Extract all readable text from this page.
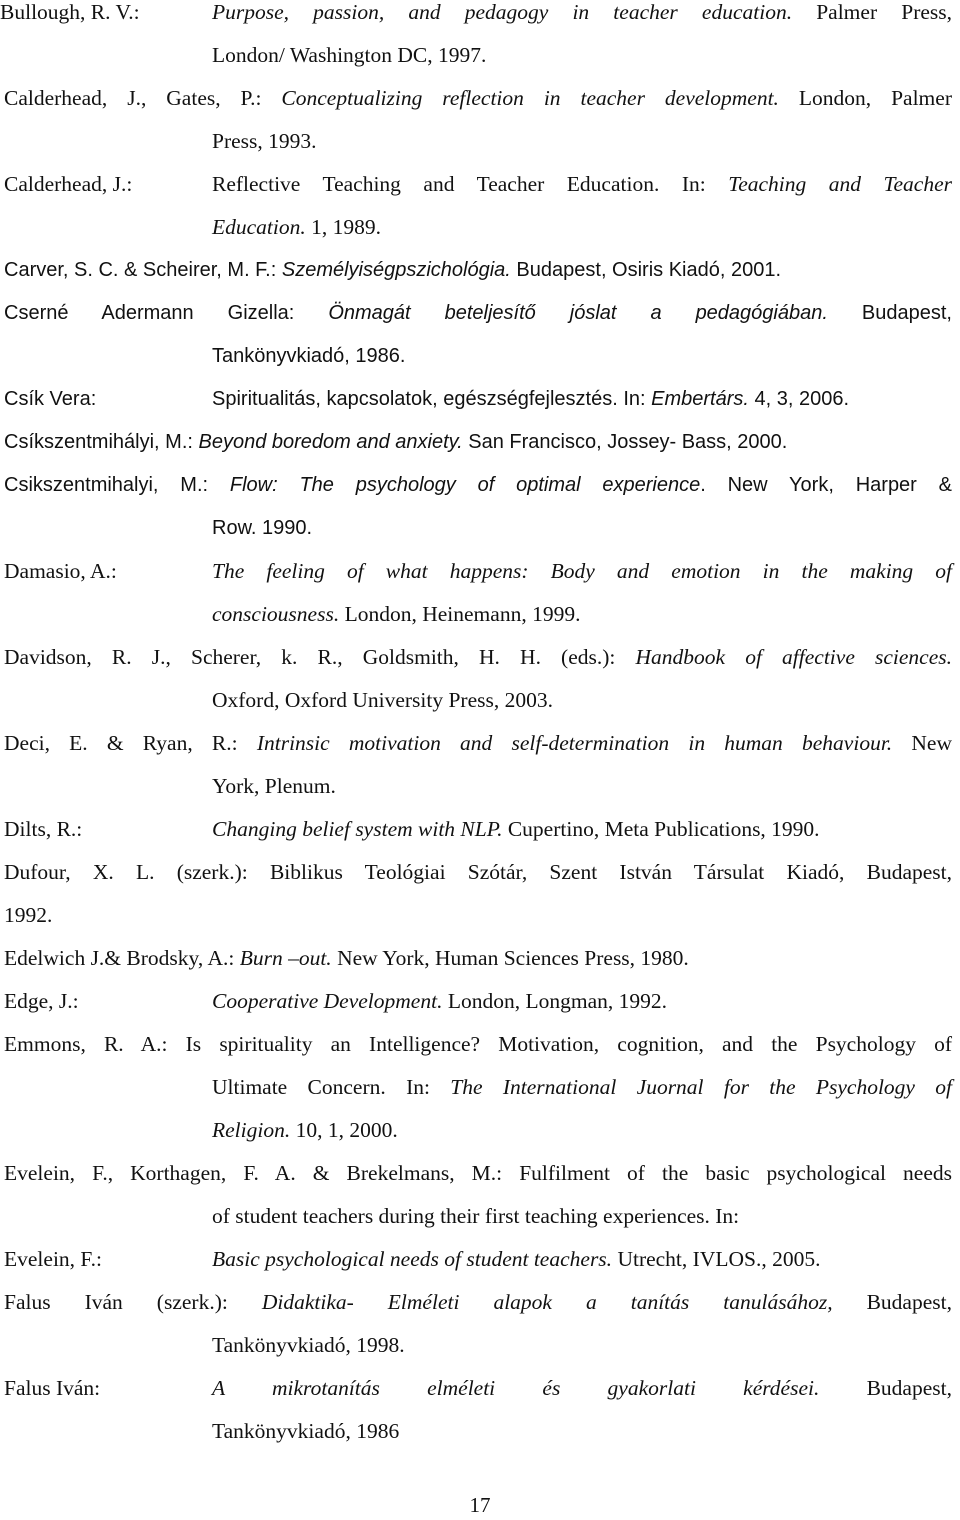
Bullough, R. V.:	Purpose, passion, and pedagogy in teacher education. Palmer Press,
London/ Washington DC, 1997.
Calderhead, J., Gates, P.: Conceptualizing reflection in teacher development. London, Palmer
Press, 1993.
Calderhead, J.:	Reflective Teaching and Teacher Education. In: Teaching and Teacher
Education. 1, 1989.
Carver, S. C. & Scheirer, M. F.: Személyiségpszichológia. Budapest, Osiris Kiadó, 2001.
Cserné Adermann Gizella: Önmagát beteljesítő jóslat a pedagógiában. Budapest,
Tankönyvkiadó, 1986.
Csík Vera:	Spiritualitás, kapcsolatok, egészségfejlesztés. In: Embertárs. 4, 3, 2006.
Csíkszentmihályi, M.: Beyond boredom and anxiety. San Francisco, Jossey- Bass, 2000.
Csikszentmihalyi, M.: Flow: The psychology of optimal experience. New York, Harper &
Row. 1990.
Damasio, A.:	The feeling of what happens: Body and emotion in the making of
consciousness. London, Heinemann, 1999.
Davidson, R. J., Scherer, k. R., Goldsmith, H. H. (eds.): Handbook of affective sciences.
Oxford, Oxford University Press, 2003.
Deci, E. & Ryan, R.: Intrinsic motivation and self-determination in human behaviour. New
York, Plenum.
Dilts, R.:	Changing belief system with NLP. Cupertino, Meta Publications, 1990.
Dufour, X. L. (szerk.): Biblikus Teológiai Szótár, Szent István Társulat Kiadó, Budapest,
1992.
Edelwich J.& Brodsky, A.: Burn –out. New York, Human Sciences Press, 1980.
Edge, J.:	Cooperative Development. London, Longman, 1992.
Emmons, R. A.: Is spirituality an Intelligence? Motivation, cognition, and the Psychology of
Ultimate Concern. In: The International Juornal for the Psychology of
Religion. 10, 1, 2000.
Evelein, F., Korthagen, F. A. & Brekelmans, M.: Fulfilment of the basic psychological needs
of student teachers during their first teaching experiences. In:
Evelein, F.:	Basic psychological needs of student teachers. Utrecht, IVLOS., 2005.
Falus Iván (szerk.): Didaktika- Elméleti alapok a tanítás tanulásához, Budapest,
Tankönyvkiadó, 1998.
Falus Iván:	A mikrotanítás elméleti és gyakorlati kérdései. Budapest,
Tankönyvkiadó, 1986
17
